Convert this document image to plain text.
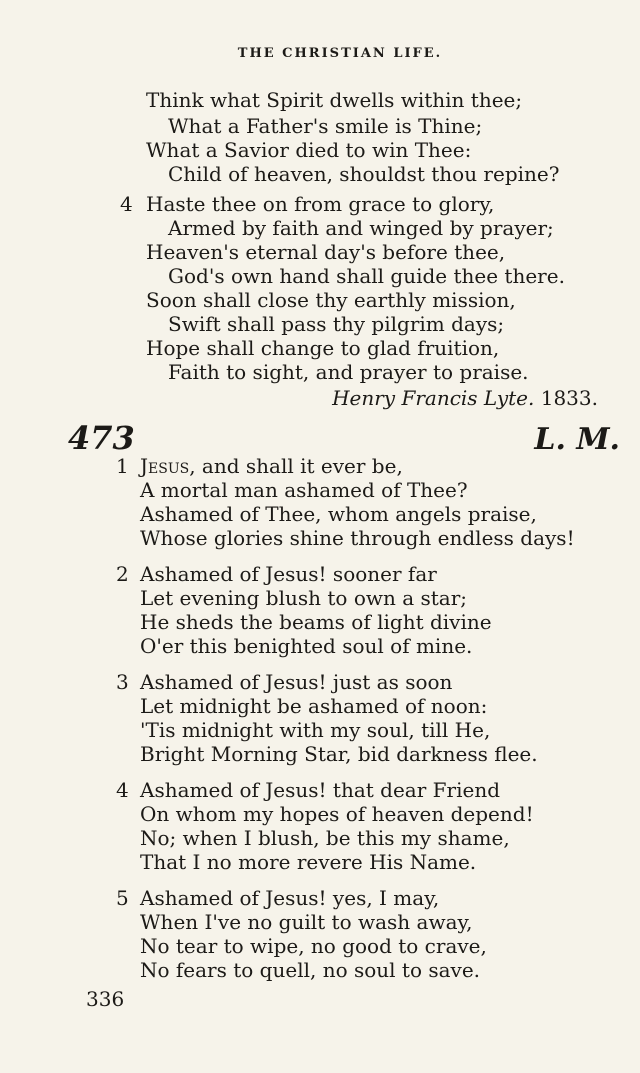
THE CHRISTIAN LIFE.
Think what Spirit dwells within thee;
What a Father's smile is Thine;
What a Savior died to win Thee:
Child of heaven, shouldst thou repine?
4 Haste thee on from grace to glory,
Armed by faith and winged by prayer;
Heaven's eternal day's before thee,
God's own hand shall guide thee there.
Soon shall close thy earthly mission,
Swift shall pass thy pilgrim days;
Hope shall change to glad fruition,
Faith to sight, and prayer to praise.
Henry Francis Lyte. 1833.
473	L. M.
1 Jesus, and shall it ever be,
A mortal man ashamed of Thee?
Ashamed of Thee, whom angels praise,
Whose glories shine through endless days!
2 Ashamed of Jesus! sooner far
Let evening blush to own a star;
He sheds the beams of light divine
O'er this benighted soul of mine.
3 Ashamed of Jesus! just as soon
Let midnight be ashamed of noon:
'Tis midnight with my soul, till He,
Bright Morning Star, bid darkness flee.
4 Ashamed of Jesus! that dear Friend
On whom my hopes of heaven depend!
No; when I blush, be this my shame,
That I no more revere His Name.
5 Ashamed of Jesus! yes, I may,
When I've no guilt to wash away,
No tear to wipe, no good to crave,
No fears to quell, no soul to save.
336
